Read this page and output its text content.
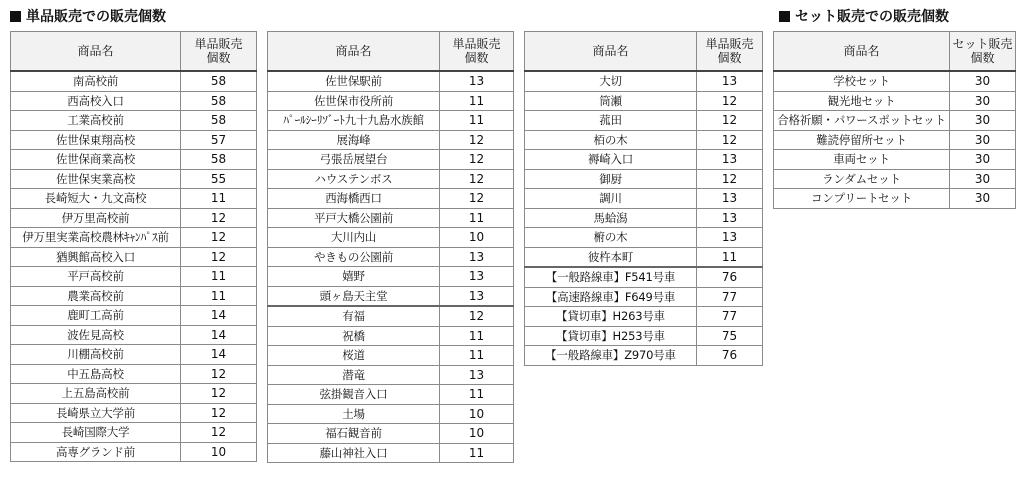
単品販売での販売個数	セット販売での販売個数
商品名	単品販売
個数
南高校前	58
西高校入口	58
工業高校前	58
佐世保東翔高校	57
佐世保商業高校	58
佐世保実業高校	55
長崎短大・九文高校	11
伊万里高校前	12
伊万里実業高校農林ｷｬﾝﾊﾟｽ前	12
猶興館高校入口	12
平戸高校前	11
農業高校前	11
鹿町工高前	14
波佐見高校	14
川棚高校前	14
中五島高校	12
上五島高校前	12
長崎県立大学前	12
長崎国際大学	12
高専グランド前	10
商品名	単品販売
個数
佐世保駅前	13
佐世保市役所前	11
ﾊﾟｰﾙｼｰﾘｿﾞｰﾄ九十九島水族館	11
展海峰	12
弓張岳展望台	12
ハウステンボス	12
西海橋西口	12
平戸大橋公園前	11
大川内山	10
やきもの公園前	13
嬉野	13
頭ヶ島天主堂	13
有福	12
祝橋	11
桜道	11
潜竜	13
弦掛観音入口	11
土場	10
福石観音前	10
藤山神社入口	11
商品名	単品販売
個数
大切	13
筒瀬	12
菰田	12
栢の木	12
褥崎入口	13
御厨	12
調川	13
馬蛤潟	13
椨の木	13
彼杵本町	11
【一般路線車】F541号車	76
【高速路線車】F649号車	77
【貸切車】H263号車	77
【貸切車】H253号車	75
【一般路線車】Z970号車	76
商品名	セット販売
個数
学校セット	30
観光地セット	30
合格祈願・パワースポットセット	30
難読停留所セット	30
車両セット	30
ランダムセット	30
コンプリートセット	30
